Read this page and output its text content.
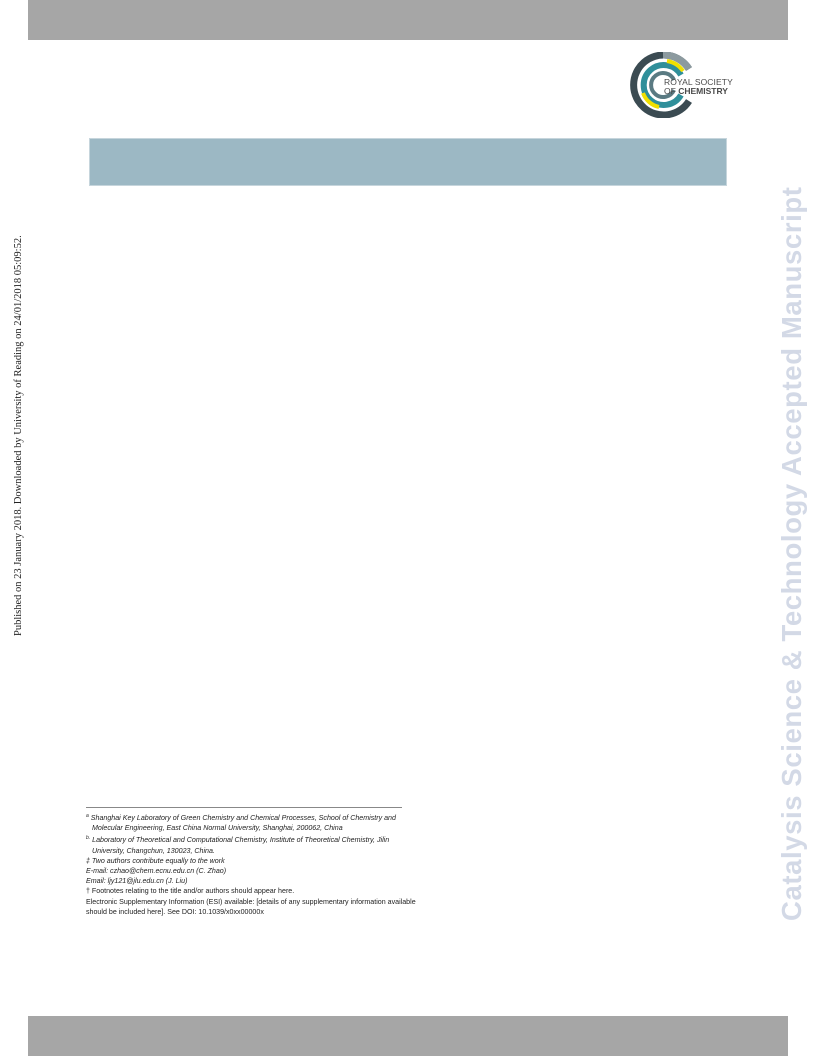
ROYAL SOCIETY
OF CHEMISTRY
Published on 23 January 2018. Downloaded by University of Reading on 24/01/2018 05:09:52.	Catalysis Science & Technology Accepted Manuscript

$^a$ Shanghai Key Laboratory of Green Chemistry and Chemical Processes, School of Chemistry and Molecular Engineering, East China Normal University, Shanghai, 200062, China

$^{b.}$ Laboratory of Theoretical and Computational Chemistry, Institute of Theoretical Chemistry, Jilin University, Changchun, 130023, China.

‡ Two authors contribute equally to the work

E-mail: czhao@chem.ecnu.edu.cn (C. Zhao)

Email: ljy121@jlu.edu.cn (J. Liu)

† Footnotes relating to the title and/or authors should appear here.

Electronic Supplementary Information (ESI) available: [details of any supplementary information available should be included here]. See DOI: 10.1039/x0xx00000x
